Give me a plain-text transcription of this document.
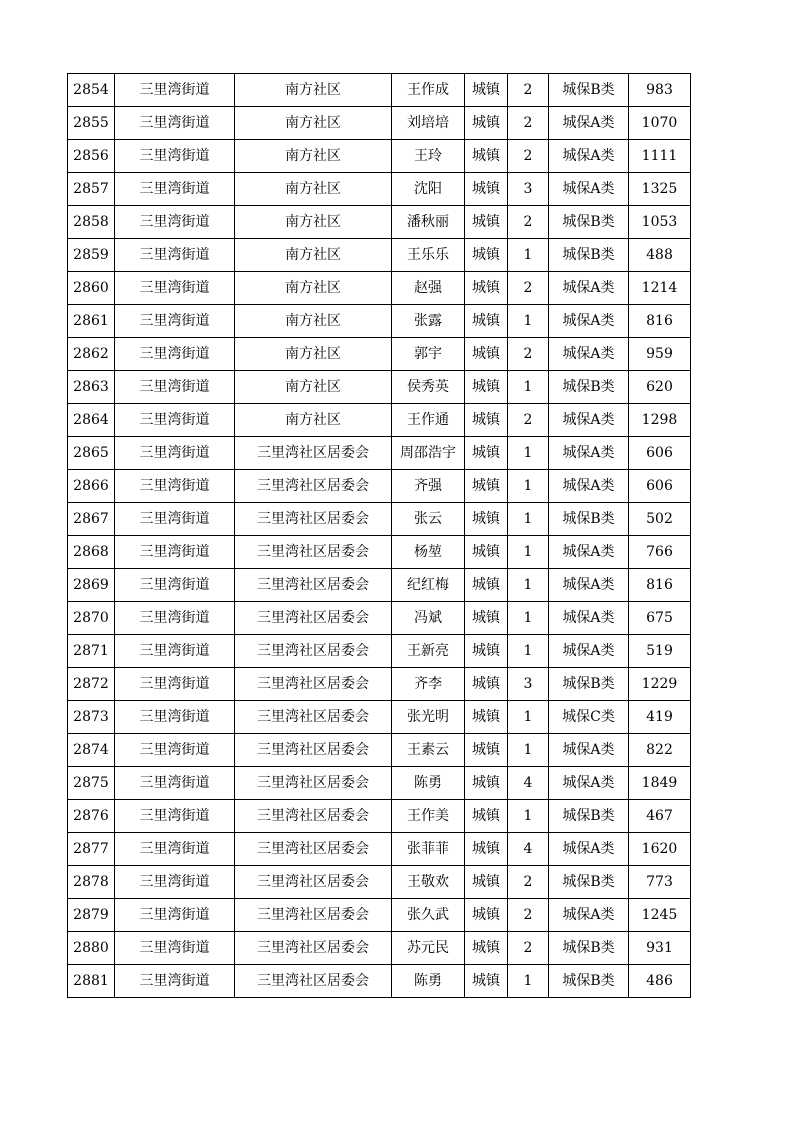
2854	三里湾街道	南方社区	王作成	城镇	2	城保B类	983
2855	三里湾街道	南方社区	刘培培	城镇	2	城保A类	1070
2856	三里湾街道	南方社区	王玲	城镇	2	城保A类	1111
2857	三里湾街道	南方社区	沈阳	城镇	3	城保A类	1325
2858	三里湾街道	南方社区	潘秋丽	城镇	2	城保B类	1053
2859	三里湾街道	南方社区	王乐乐	城镇	1	城保B类	488
2860	三里湾街道	南方社区	赵强	城镇	2	城保A类	1214
2861	三里湾街道	南方社区	张露	城镇	1	城保A类	816
2862	三里湾街道	南方社区	郭宇	城镇	2	城保A类	959
2863	三里湾街道	南方社区	侯秀英	城镇	1	城保B类	620
2864	三里湾街道	南方社区	王作通	城镇	2	城保A类	1298
2865	三里湾街道	三里湾社区居委会	周邵浩宇	城镇	1	城保A类	606
2866	三里湾街道	三里湾社区居委会	齐强	城镇	1	城保A类	606
2867	三里湾街道	三里湾社区居委会	张云	城镇	1	城保B类	502
2868	三里湾街道	三里湾社区居委会	杨堃	城镇	1	城保A类	766
2869	三里湾街道	三里湾社区居委会	纪红梅	城镇	1	城保A类	816
2870	三里湾街道	三里湾社区居委会	冯斌	城镇	1	城保A类	675
2871	三里湾街道	三里湾社区居委会	王新亮	城镇	1	城保A类	519
2872	三里湾街道	三里湾社区居委会	齐李	城镇	3	城保B类	1229
2873	三里湾街道	三里湾社区居委会	张光明	城镇	1	城保C类	419
2874	三里湾街道	三里湾社区居委会	王素云	城镇	1	城保A类	822
2875	三里湾街道	三里湾社区居委会	陈勇	城镇	4	城保A类	1849
2876	三里湾街道	三里湾社区居委会	王作美	城镇	1	城保B类	467
2877	三里湾街道	三里湾社区居委会	张菲菲	城镇	4	城保A类	1620
2878	三里湾街道	三里湾社区居委会	王敬欢	城镇	2	城保B类	773
2879	三里湾街道	三里湾社区居委会	张久武	城镇	2	城保A类	1245
2880	三里湾街道	三里湾社区居委会	苏元民	城镇	2	城保B类	931
2881	三里湾街道	三里湾社区居委会	陈勇	城镇	1	城保B类	486
